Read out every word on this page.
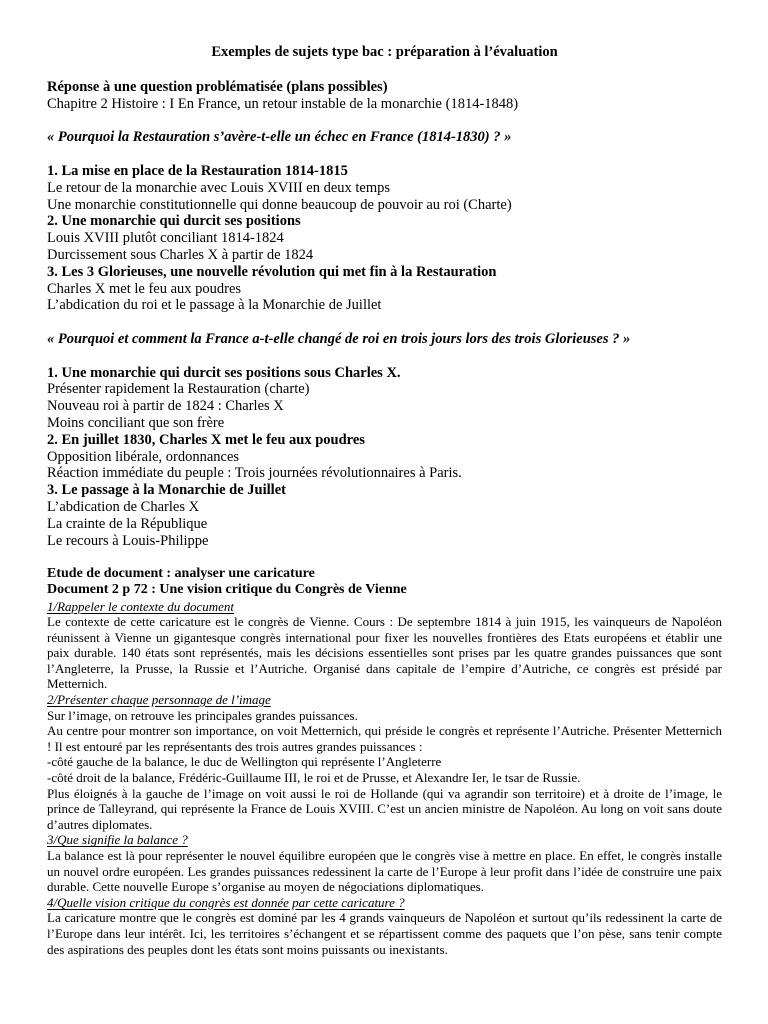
Exemples de sujets type bac : préparation à l’évaluation

Réponse à une question problématisée (plans possibles)

Chapitre 2 Histoire : I En France, un retour instable de la monarchie (1814-1848)

« Pourquoi la Restauration s’avère-t-elle un échec en France (1814-1830) ? »

1. La mise en place de la Restauration 1814-1815

Le retour de la monarchie avec Louis XVIII en deux temps

Une monarchie constitutionnelle qui donne beaucoup de pouvoir au roi (Charte)

2. Une monarchie qui durcit ses positions

Louis XVIII plutôt conciliant 1814-1824

Durcissement sous Charles X à partir de 1824

3. Les 3 Glorieuses, une nouvelle révolution qui met fin à la Restauration

Charles X met le feu aux poudres

L’abdication du roi et le passage à la Monarchie de Juillet

« Pourquoi et comment la France a-t-elle changé de roi en trois jours lors des trois Glorieuses ? »

1. Une monarchie qui durcit ses positions sous Charles X.

Présenter rapidement la Restauration (charte)

Nouveau roi à partir de 1824 : Charles X

Moins conciliant que son frère

2. En juillet 1830, Charles X met le feu aux poudres

Opposition libérale, ordonnances

Réaction immédiate du peuple : Trois journées révolutionnaires à Paris.

3. Le passage à la Monarchie de Juillet

L’abdication de Charles X

La crainte de la République

Le recours à Louis-Philippe

Etude de document : analyser une caricature

Document 2 p 72 : Une vision critique du Congrès de Vienne

1/Rappeler le contexte du document

Le contexte de cette caricature est le congrès de Vienne. Cours : De septembre 1814 à juin 1915, les vainqueurs de Napoléon réunissent à Vienne un gigantesque congrès international pour fixer les nouvelles frontières des Etats européens et établir une paix durable. 140 états sont représentés, mais les décisions essentielles sont prises par les quatre grandes puissances que sont l’Angleterre, la Prusse, la Russie et l’Autriche. Organisé dans capitale de l’empire d’Autriche, ce congrès est présidé par Metternich.

2/Présenter chaque personnage de l’image

Sur l’image, on retrouve les principales grandes puissances.

Au centre pour montrer son importance, on voit Metternich, qui préside le congrès et représente l’Autriche. Présenter Metternich ! Il est entouré par les représentants des trois autres grandes puissances :

-côté gauche de la balance, le duc de Wellington qui représente l’Angleterre

-côté droit de la balance, Frédéric-Guillaume III, le roi et de Prusse, et Alexandre Ier, le tsar de Russie.

Plus éloignés à la gauche de l’image on voit aussi le roi de Hollande (qui va agrandir son territoire) et à droite de l’image, le prince de Talleyrand, qui représente la France de Louis XVIII. C’est un ancien ministre de Napoléon. Au long on voit sans doute d’autres diplomates.

3/Que signifie la balance ?

La balance est là pour représenter le nouvel équilibre européen que le congrès vise à mettre en place. En effet, le congrès installe un nouvel ordre européen. Les grandes puissances redessinent la carte de l’Europe à leur profit dans l’idée de construire une paix durable. Cette nouvelle Europe s’organise au moyen de négociations diplomatiques.

4/Quelle vision critique du congrès est donnée par cette caricature ?

La caricature montre que le congrès est dominé par les 4 grands vainqueurs de Napoléon et surtout qu’ils redessinent la carte de l’Europe dans leur intérêt. Ici, les territoires s’échangent et se répartissent comme des paquets que l’on pèse, sans tenir compte des aspirations des peuples dont les états sont moins puissants ou inexistants.
